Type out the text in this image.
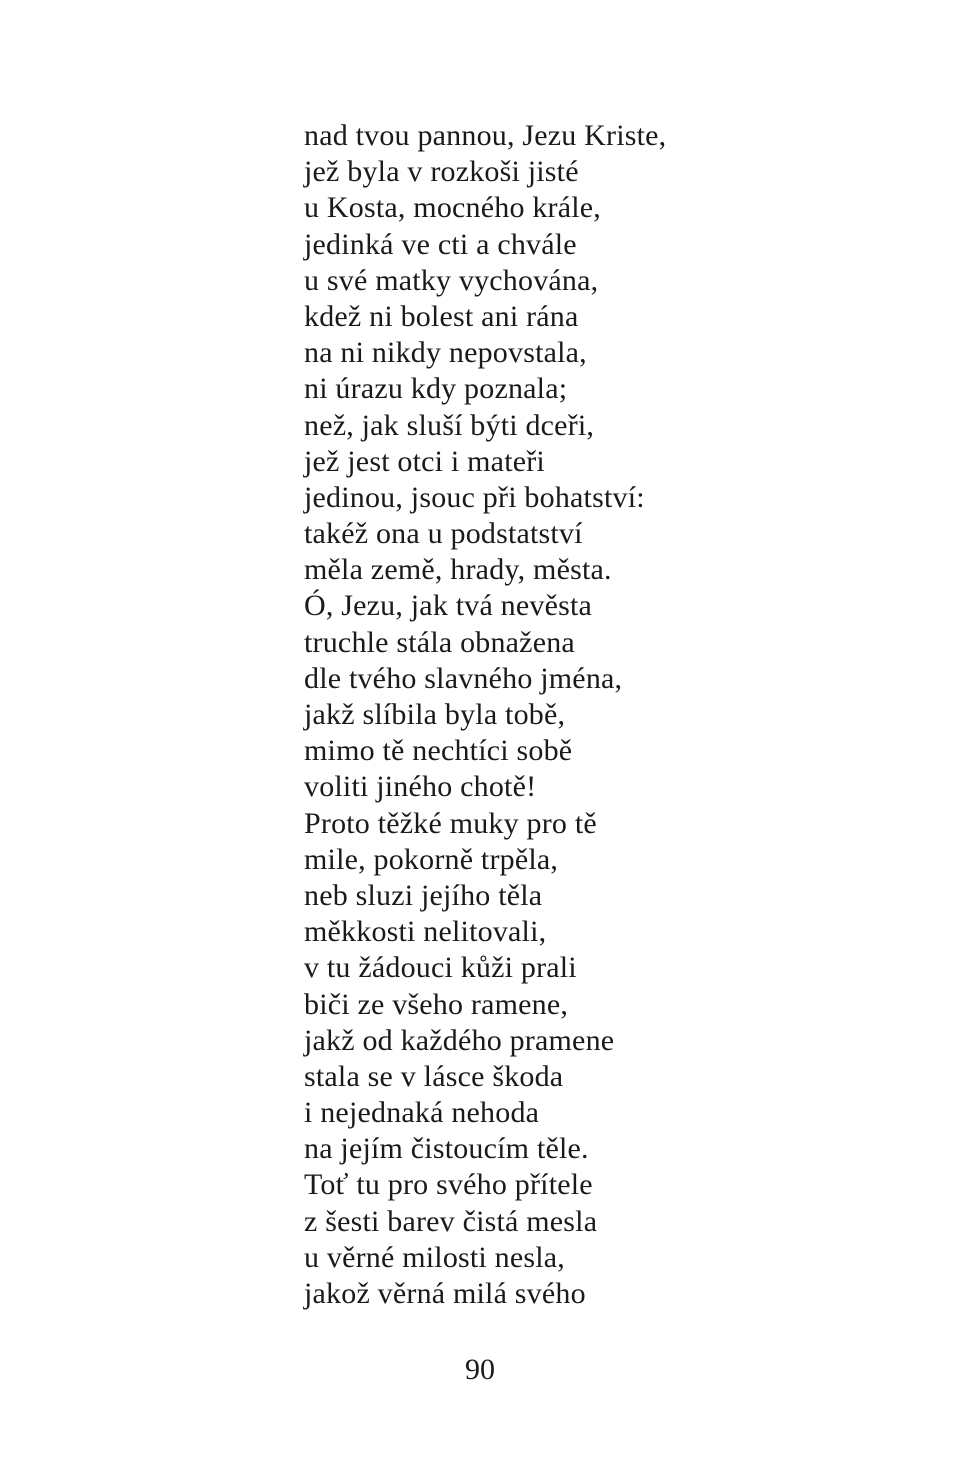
nad tvou pannou, Jezu Kriste,
jež byla v rozkoši jisté
u Kosta, mocného krále,
jedinká ve cti a chvále
u své matky vychována,
kdež ni bolest ani rána
na ni nikdy nepovstala,
ni úrazu kdy poznala;
než, jak sluší býti dceři,
jež jest otci i mateři
jedinou, jsouc při bohatství:
takéž ona u podstatství
měla země, hrady, města.
Ó, Jezu, jak tvá nevěsta
truchle stála obnažena
dle tvého slavného jména,
jakž slíbila byla tobě,
mimo tě nechtíci sobě
voliti jiného chotě!
Proto těžké muky pro tě
mile, pokorně trpěla,
neb sluzi jejího těla
měkkosti nelitovali,
v tu žádouci kůži prali
biči ze všeho ramene,
jakž od každého pramene
stala se v lásce škoda
i nejednaká nehoda
na jejím čistoucím těle.
Toť tu pro svého přítele
z šesti barev čistá mesla
u věrné milosti nesla,
jakož věrná milá svého
90
